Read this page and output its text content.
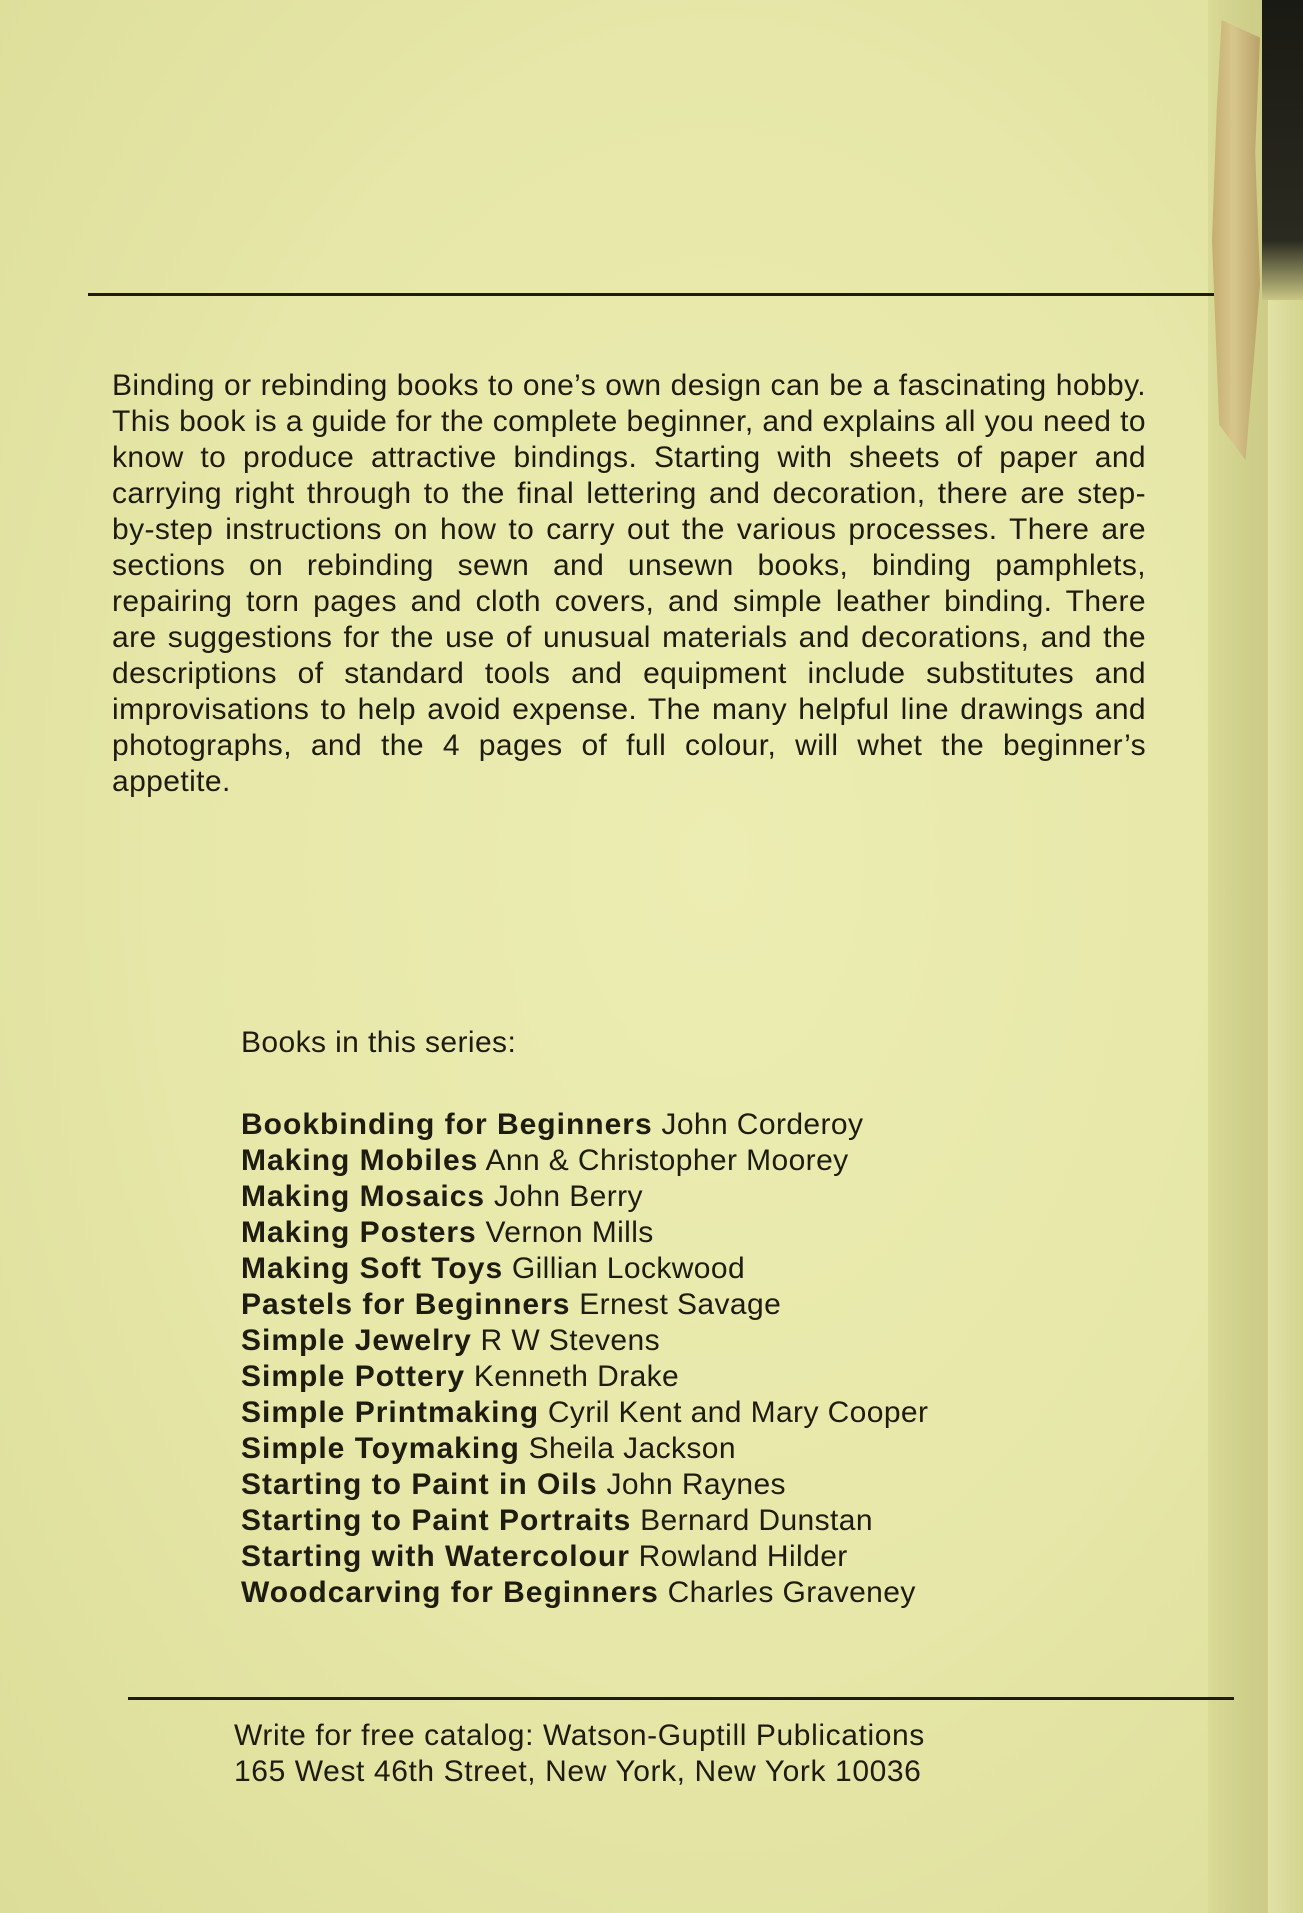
Binding or rebinding books to one’s own design can be a fascinating hobby. This book is a guide for the complete beginner, and explains all you need to know to produce attractive bindings. Starting with sheets of paper and carrying right through to the final lettering and decoration, there are step-by-step instructions on how to carry out the various processes. There are sections on rebinding sewn and unsewn books, binding pamphlets, repairing torn pages and cloth covers, and simple leather binding. There are suggestions for the use of unusual materials and decorations, and the descriptions of standard tools and equipment include substitutes and improvisations to help avoid expense. The many helpful line drawings and photographs, and the 4 pages of full colour, will whet the beginner’s appetite.

Books in this series:

Bookbinding for Beginners John Corderoy
Making Mobiles Ann & Christopher Moorey
Making Mosaics John Berry
Making Posters Vernon Mills
Making Soft Toys Gillian Lockwood
Pastels for Beginners Ernest Savage
Simple Jewelry R W Stevens
Simple Pottery Kenneth Drake
Simple Printmaking Cyril Kent and Mary Cooper
Simple Toymaking Sheila Jackson
Starting to Paint in Oils John Raynes
Starting to Paint Portraits Bernard Dunstan
Starting with Watercolour Rowland Hilder
Woodcarving for Beginners Charles Graveney

Write for free catalog: Watson-Guptill Publications

165 West 46th Street, New York, New York 10036
